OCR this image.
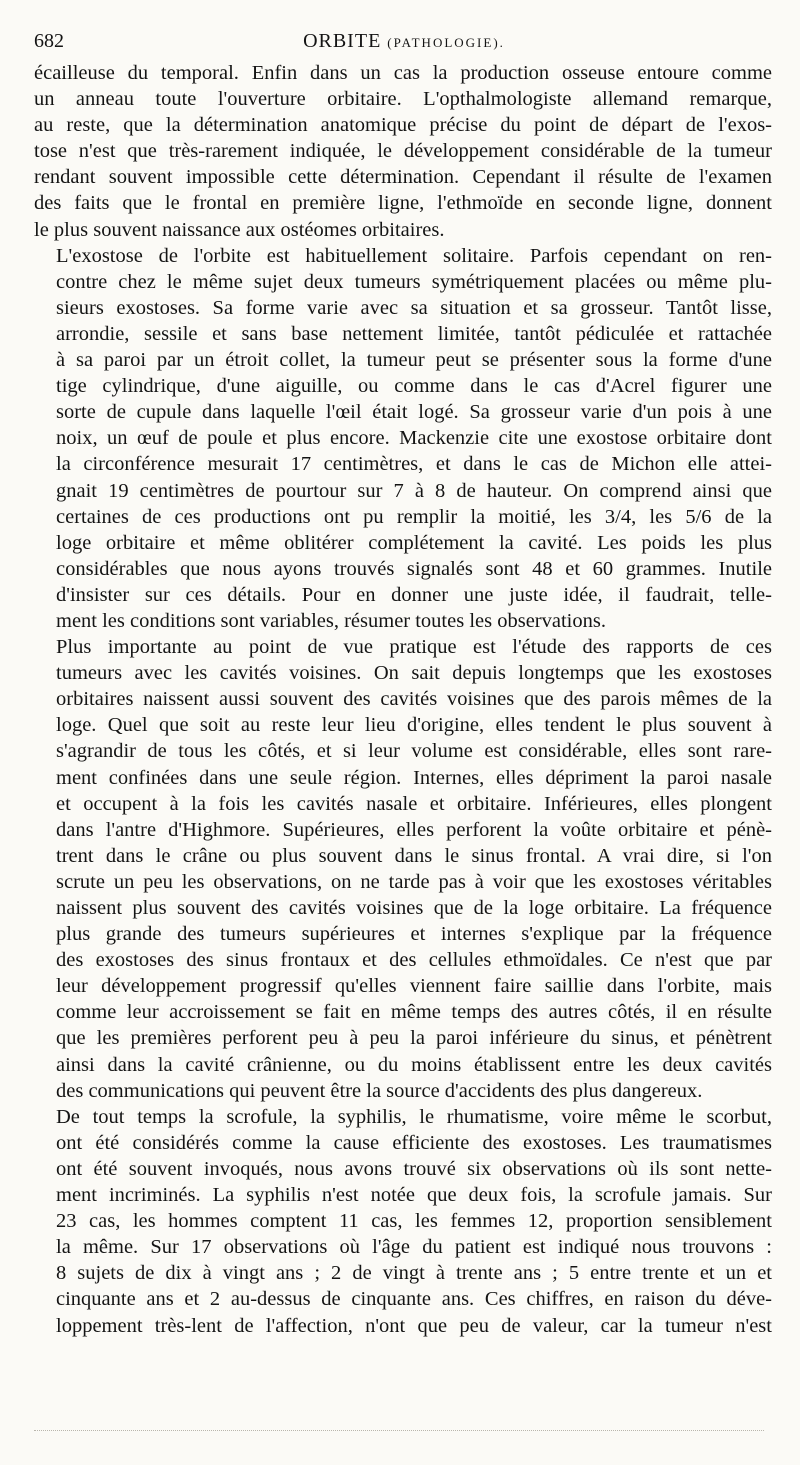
682	ORBITE (PATHOLOGIE).
écailleuse du temporal. Enfin dans un cas la production osseuse entoure comme
un anneau toute l'ouverture orbitaire. L'opthalmologiste allemand remarque,
au reste, que la détermination anatomique précise du point de départ de l'exos-
tose n'est que très-rarement indiquée, le développement considérable de la tumeur
rendant souvent impossible cette détermination. Cependant il résulte de l'examen
des faits que le frontal en première ligne, l'ethmoïde en seconde ligne, donnent
le plus souvent naissance aux ostéomes orbitaires.
L'exostose de l'orbite est habituellement solitaire. Parfois cependant on ren-
contre chez le même sujet deux tumeurs symétriquement placées ou même plu-
sieurs exostoses. Sa forme varie avec sa situation et sa grosseur. Tantôt lisse,
arrondie, sessile et sans base nettement limitée, tantôt pédiculée et rattachée
à sa paroi par un étroit collet, la tumeur peut se présenter sous la forme d'une
tige cylindrique, d'une aiguille, ou comme dans le cas d'Acrel figurer une
sorte de cupule dans laquelle l'œil était logé. Sa grosseur varie d'un pois à une
noix, un œuf de poule et plus encore. Mackenzie cite une exostose orbitaire dont
la circonférence mesurait 17 centimètres, et dans le cas de Michon elle attei-
gnait 19 centimètres de pourtour sur 7 à 8 de hauteur. On comprend ainsi que
certaines de ces productions ont pu remplir la moitié, les 3/4, les 5/6 de la
loge orbitaire et même oblitérer complétement la cavité. Les poids les plus
considérables que nous ayons trouvés signalés sont 48 et 60 grammes. Inutile
d'insister sur ces détails. Pour en donner une juste idée, il faudrait, telle-
ment les conditions sont variables, résumer toutes les observations.
Plus importante au point de vue pratique est l'étude des rapports de ces
tumeurs avec les cavités voisines. On sait depuis longtemps que les exostoses
orbitaires naissent aussi souvent des cavités voisines que des parois mêmes de la
loge. Quel que soit au reste leur lieu d'origine, elles tendent le plus souvent à
s'agrandir de tous les côtés, et si leur volume est considérable, elles sont rare-
ment confinées dans une seule région. Internes, elles dépriment la paroi nasale
et occupent à la fois les cavités nasale et orbitaire. Inférieures, elles plongent
dans l'antre d'Highmore. Supérieures, elles perforent la voûte orbitaire et pénè-
trent dans le crâne ou plus souvent dans le sinus frontal. A vrai dire, si l'on
scrute un peu les observations, on ne tarde pas à voir que les exostoses véritables
naissent plus souvent des cavités voisines que de la loge orbitaire. La fréquence
plus grande des tumeurs supérieures et internes s'explique par la fréquence
des exostoses des sinus frontaux et des cellules ethmoïdales. Ce n'est que par
leur développement progressif qu'elles viennent faire saillie dans l'orbite, mais
comme leur accroissement se fait en même temps des autres côtés, il en résulte
que les premières perforent peu à peu la paroi inférieure du sinus, et pénètrent
ainsi dans la cavité crânienne, ou du moins établissent entre les deux cavités
des communications qui peuvent être la source d'accidents des plus dangereux.
De tout temps la scrofule, la syphilis, le rhumatisme, voire même le scorbut,
ont été considérés comme la cause efficiente des exostoses. Les traumatismes
ont été souvent invoqués, nous avons trouvé six observations où ils sont nette-
ment incriminés. La syphilis n'est notée que deux fois, la scrofule jamais. Sur
23 cas, les hommes comptent 11 cas, les femmes 12, proportion sensiblement
la même. Sur 17 observations où l'âge du patient est indiqué nous trouvons :
8 sujets de dix à vingt ans ; 2 de vingt à trente ans ; 5 entre trente et un et
cinquante ans et 2 au-dessus de cinquante ans. Ces chiffres, en raison du déve-
loppement très-lent de l'affection, n'ont que peu de valeur, car la tumeur n'est
